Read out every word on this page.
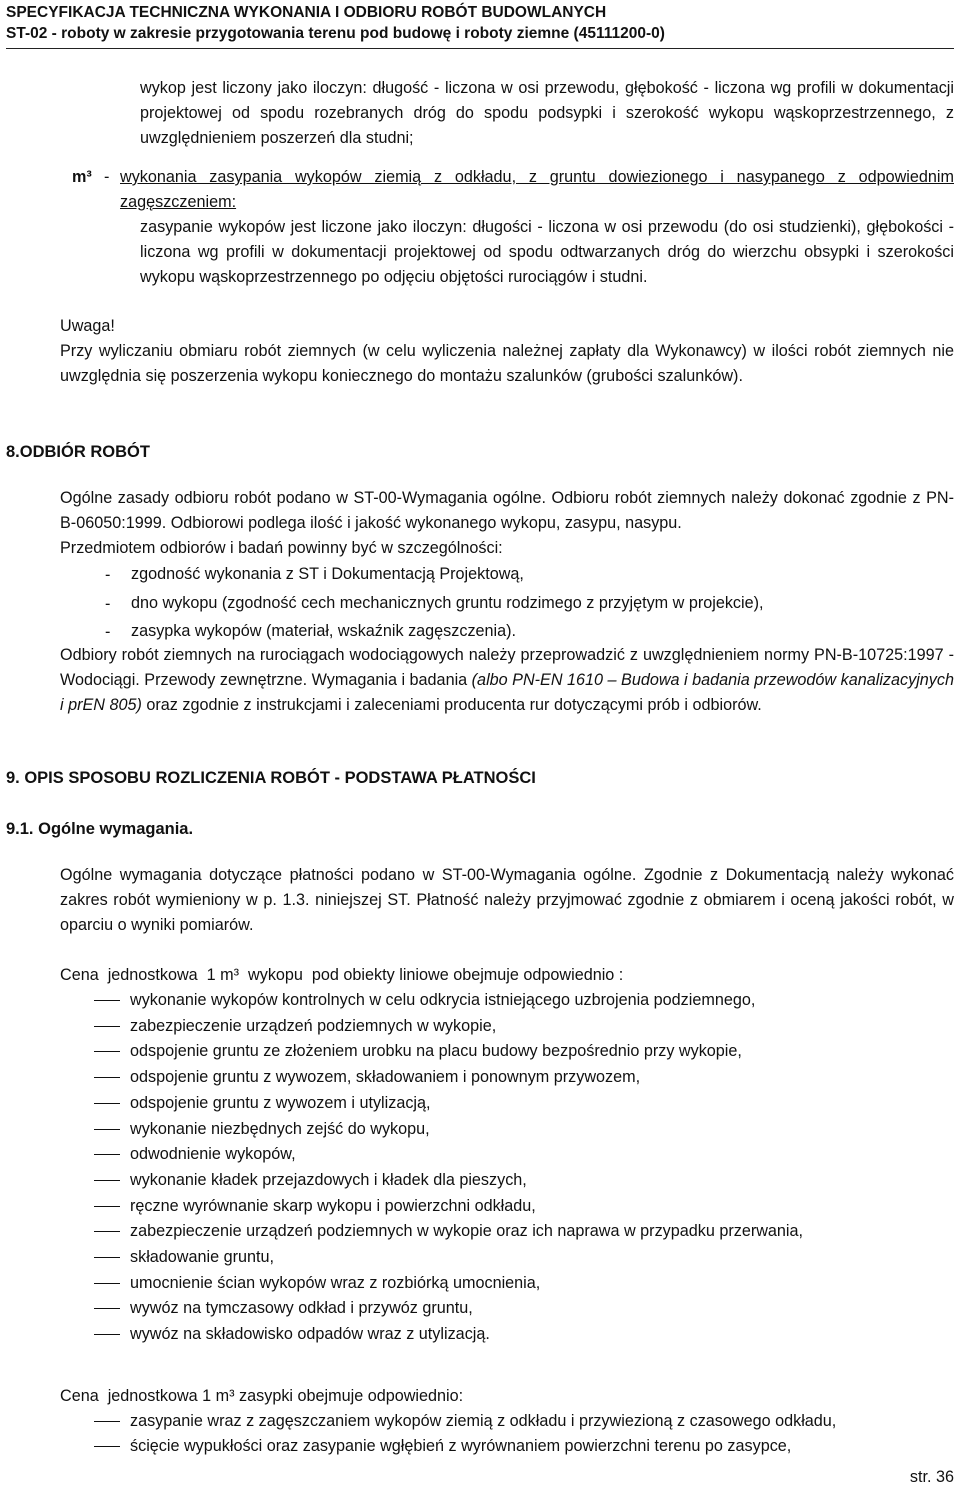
SPECYFIKACJA TECHNICZNA WYKONANIA I ODBIORU ROBÓT BUDOWLANYCH
ST-02 - roboty w zakresie przygotowania terenu pod budowę i roboty ziemne (45111200-0)
wykop jest liczony jako iloczyn: długość - liczona w osi przewodu, głębokość - liczona wg profili w dokumentacji projektowej od spodu rozebranych dróg do spodu podsypki i szerokość wykopu wąskoprzestrzennego, z uwzględnieniem poszerzeń dla studni;
m³ - wykonania zasypania wykopów ziemią z odkładu, z gruntu dowiezionego i nasypanego z odpowiednim
zagęszczeniem:
zasypanie wykopów jest liczone jako iloczyn: długości - liczona w osi przewodu (do osi studzienki), głębokości - liczona wg profili w dokumentacji projektowej od spodu odtwarzanych dróg do wierzchu obsypki i szerokości wykopu wąskoprzestrzennego po odjęciu objętości rurociągów i studni.
Uwaga!
Przy wyliczaniu obmiaru robót ziemnych (w celu wyliczenia należnej zapłaty dla Wykonawcy) w ilości robót ziemnych nie uwzględnia się poszerzenia wykopu koniecznego do montażu szalunków (grubości szalunków).
8.ODBIÓR ROBÓT
Ogólne zasady odbioru robót podano w ST-00-Wymagania ogólne. Odbioru robót ziemnych należy dokonać zgodnie z PN-B-06050:1999. Odbiorowi podlega ilość i jakość wykonanego wykopu, zasypu, nasypu.
Przedmiotem odbiorów i badań powinny być w szczególności:
- zgodność wykonania z ST i Dokumentacją Projektową,
- dno wykopu (zgodność cech mechanicznych gruntu rodzimego z przyjętym w projekcie),
- zasypka wykopów (materiał, wskaźnik zagęszczenia).
Odbiory robót ziemnych na rurociągach wodociągowych należy przeprowadzić z uwzględnieniem normy PN-B-10725:1997 - Wodociągi. Przewody zewnętrzne. Wymagania i badania (albo PN-EN 1610 – Budowa i badania przewodów kanalizacyjnych i prEN 805) oraz zgodnie z instrukcjami i zaleceniami producenta rur dotyczącymi prób i odbiorów.
9. OPIS SPOSOBU ROZLICZENIA ROBÓT - PODSTAWA PŁATNOŚCI
9.1. Ogólne wymagania.
Ogólne wymagania dotyczące płatności podano w ST-00-Wymagania ogólne. Zgodnie z Dokumentacją należy wykonać zakres robót wymieniony w p. 1.3. niniejszej ST. Płatność należy przyjmować zgodnie z obmiarem i oceną jakości robót, w oparciu o wyniki pomiarów.
Cena  jednostkowa  1 m³  wykopu  pod obiekty liniowe obejmuje odpowiednio :
wykonanie wykopów kontrolnych w celu odkrycia istniejącego uzbrojenia podziemnego,
zabezpieczenie urządzeń podziemnych w wykopie,
odspojenie gruntu ze złożeniem urobku na placu budowy bezpośrednio przy wykopie,
odspojenie gruntu z wywozem, składowaniem i ponownym przywozem,
odspojenie gruntu z wywozem i utylizacją,
wykonanie niezbędnych zejść do wykopu,
odwodnienie wykopów,
wykonanie kładek przejazdowych i kładek dla pieszych,
ręczne wyrównanie skarp wykopu i powierzchni odkładu,
zabezpieczenie urządzeń podziemnych w wykopie oraz ich naprawa w przypadku przerwania,
składowanie gruntu,
umocnienie ścian wykopów wraz z rozbiórką umocnienia,
wywóz na tymczasowy odkład i przywóz gruntu,
wywóz na składowisko odpadów wraz z utylizacją.
Cena  jednostkowa 1 m³ zasypki obejmuje odpowiednio:
zasypanie wraz z zagęszczaniem wykopów ziemią z odkładu i przywiezioną z czasowego odkładu,
ścięcie wypukłości oraz zasypanie wgłębień z wyrównaniem powierzchni terenu po zasypce,
str. 36
